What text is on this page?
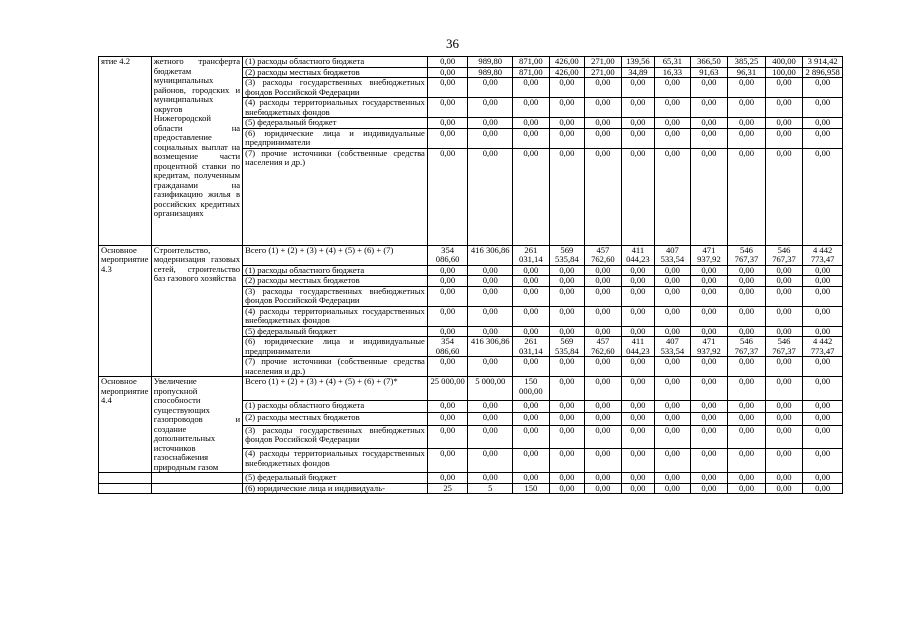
36
ятие 4.2	жетного трансферта бюджетам муниципальных районов, городских и муниципальных округов Нижегородской области на предоставление социальных выплат на возмещение части процентной ставки по кредитам, полученным гражданами на газификацию жилья в российских кредитных организациях	(1) расходы областного бюджета	0,00	989,80	871,00	426,00	271,00	139,56	65,31	366,50	385,25	400,00	3 914,42
		(2) расходы местных бюджетов	0,00	989,80	871,00	426,00	271,00	34,89	16,33	91,63	96,31	100,00	2 896,958
		(3) расходы государственных внебюджетных фондов Российской Федерации	0,00	0,00	0,00	0,00	0,00	0,00	0,00	0,00	0,00	0,00	0,00
		(4) расходы территориальных государственных внебюджетных фондов	0,00	0,00	0,00	0,00	0,00	0,00	0,00	0,00	0,00	0,00	0,00
		(5) федеральный бюджет	0,00	0,00	0,00	0,00	0,00	0,00	0,00	0,00	0,00	0,00	0,00
		(6) юридические лица и индивидуальные предприниматели	0,00	0,00	0,00	0,00	0,00	0,00	0,00	0,00	0,00	0,00	0,00
		(7) прочие источники (собственные средства населения и др.)	0,00	0,00	0,00	0,00	0,00	0,00	0,00	0,00	0,00	0,00	0,00
Основное мероприятие 4.3	Строительство, модернизация газовых сетей, строительство баз газового хозяйства	Всего (1) + (2) + (3) + (4) + (5) + (6) + (7)	354 086,60	416 306,86	261 031,14	569 535,84	457 762,60	411 044,23	407 533,54	471 937,92	546 767,37	546 767,37	4 442 773,47
		(1) расходы областного бюджета	0,00	0,00	0,00	0,00	0,00	0,00	0,00	0,00	0,00	0,00	0,00
		(2) расходы местных бюджетов	0,00	0,00	0,00	0,00	0,00	0,00	0,00	0,00	0,00	0,00	0,00
		(3) расходы государственных внебюджетных фондов Российской Федерации	0,00	0,00	0,00	0,00	0,00	0,00	0,00	0,00	0,00	0,00	0,00
		(4) расходы территориальных государственных внебюджетных фондов	0,00	0,00	0,00	0,00	0,00	0,00	0,00	0,00	0,00	0,00	0,00
		(5) федеральный бюджет	0,00	0,00	0,00	0,00	0,00	0,00	0,00	0,00	0,00	0,00	0,00
		(6) юридические лица и индивидуальные предприниматели	354 086,60	416 306,86	261 031,14	569 535,84	457 762,60	411 044,23	407 533,54	471 937,92	546 767,37	546 767,37	4 442 773,47
		(7) прочие источники (собственные средства населения и др.)	0,00	0,00	0,00	0,00	0,00	0,00	0,00	0,00	0,00	0,00	0,00
Основное мероприятие 4.4	Увеличение пропускной способности существующих газопроводов и создание дополнительных источников газоснабжения природным газом	Всего (1) + (2) + (3) + (4) + (5) + (6) + (7)*	25 000,00	5 000,00	150 000,00	0,00	0,00	0,00	0,00	0,00	0,00	0,00	0,00
		(1) расходы областного бюджета	0,00	0,00	0,00	0,00	0,00	0,00	0,00	0,00	0,00	0,00	0,00
		(2) расходы местных бюджетов	0,00	0,00	0,00	0,00	0,00	0,00	0,00	0,00	0,00	0,00	0,00
		(3) расходы государственных внебюджетных фондов Российской Федерации	0,00	0,00	0,00	0,00	0,00	0,00	0,00	0,00	0,00	0,00	0,00
		(4) расходы территориальных государственных внебюджетных фондов	0,00	0,00	0,00	0,00	0,00	0,00	0,00	0,00	0,00	0,00	0,00
		(5) федеральный бюджет	0,00	0,00	0,00	0,00	0,00	0,00	0,00	0,00	0,00	0,00	0,00
		(6) юридические лица и индивидуаль-	25	5	150	0,00	0,00	0,00	0,00	0,00	0,00	0,00	0,00
